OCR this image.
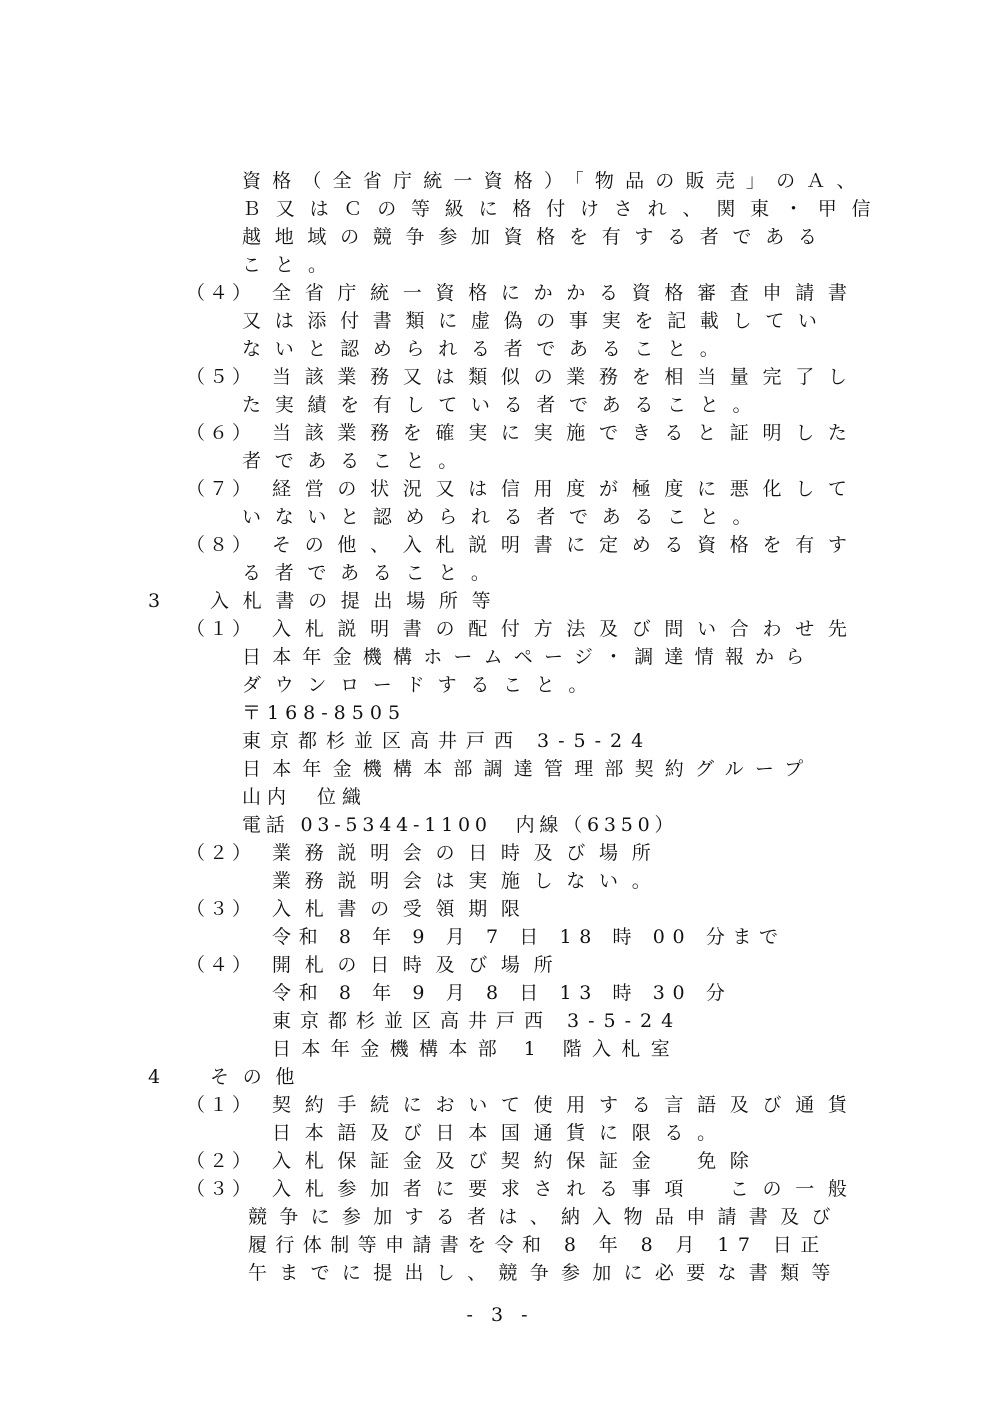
資格（全省庁統一資格）「物品の販売」のＡ、
Ｂ又はＣの等級に格付けされ、関東・甲信
越地域の競争参加資格を有する者である
こと。
（４） 全省庁統一資格にかかる資格審査申請書
又は添付書類に虚偽の事実を記載してい
ないと認められる者であること。
（５） 当該業務又は類似の業務を相当量完了し
た実績を有している者であること。
（６） 当該業務を確実に実施できると証明した
者であること。
（７） 経営の状況又は信用度が極度に悪化して
いないと認められる者であること。
（８） その他、入札説明書に定める資格を有す
る者であること。
3	入札書の提出場所等
（１） 入札説明書の配付方法及び問い合わせ先
日本年金機構ホームページ・調達情報から
ダウンロードすること。
〒168-8505
東京都杉並区高井戸西 3-5-24
日本年金機構本部調達管理部契約グループ
山内　位織
電話 03-5344-1100　内線（6350）
（２） 業務説明会の日時及び場所
業務説明会は実施しない。
（３） 入札書の受領期限
令和 8 年 9 月 7 日 18 時 00 分まで
（４） 開札の日時及び場所
令和 8 年 9 月 8 日 13 時 30 分
東京都杉並区高井戸西 3-5-24
日本年金機構本部 1 階入札室
4	その他
（１） 契約手続において使用する言語及び通貨
日本語及び日本国通貨に限る。
（２） 入札保証金及び契約保証金　免除
（３） 入札参加者に要求される事項　この一般
競争に参加する者は、納入物品申請書及び
履行体制等申請書を令和 8 年 8 月 17 日正
午までに提出し、競争参加に必要な書類等
- 3 -
